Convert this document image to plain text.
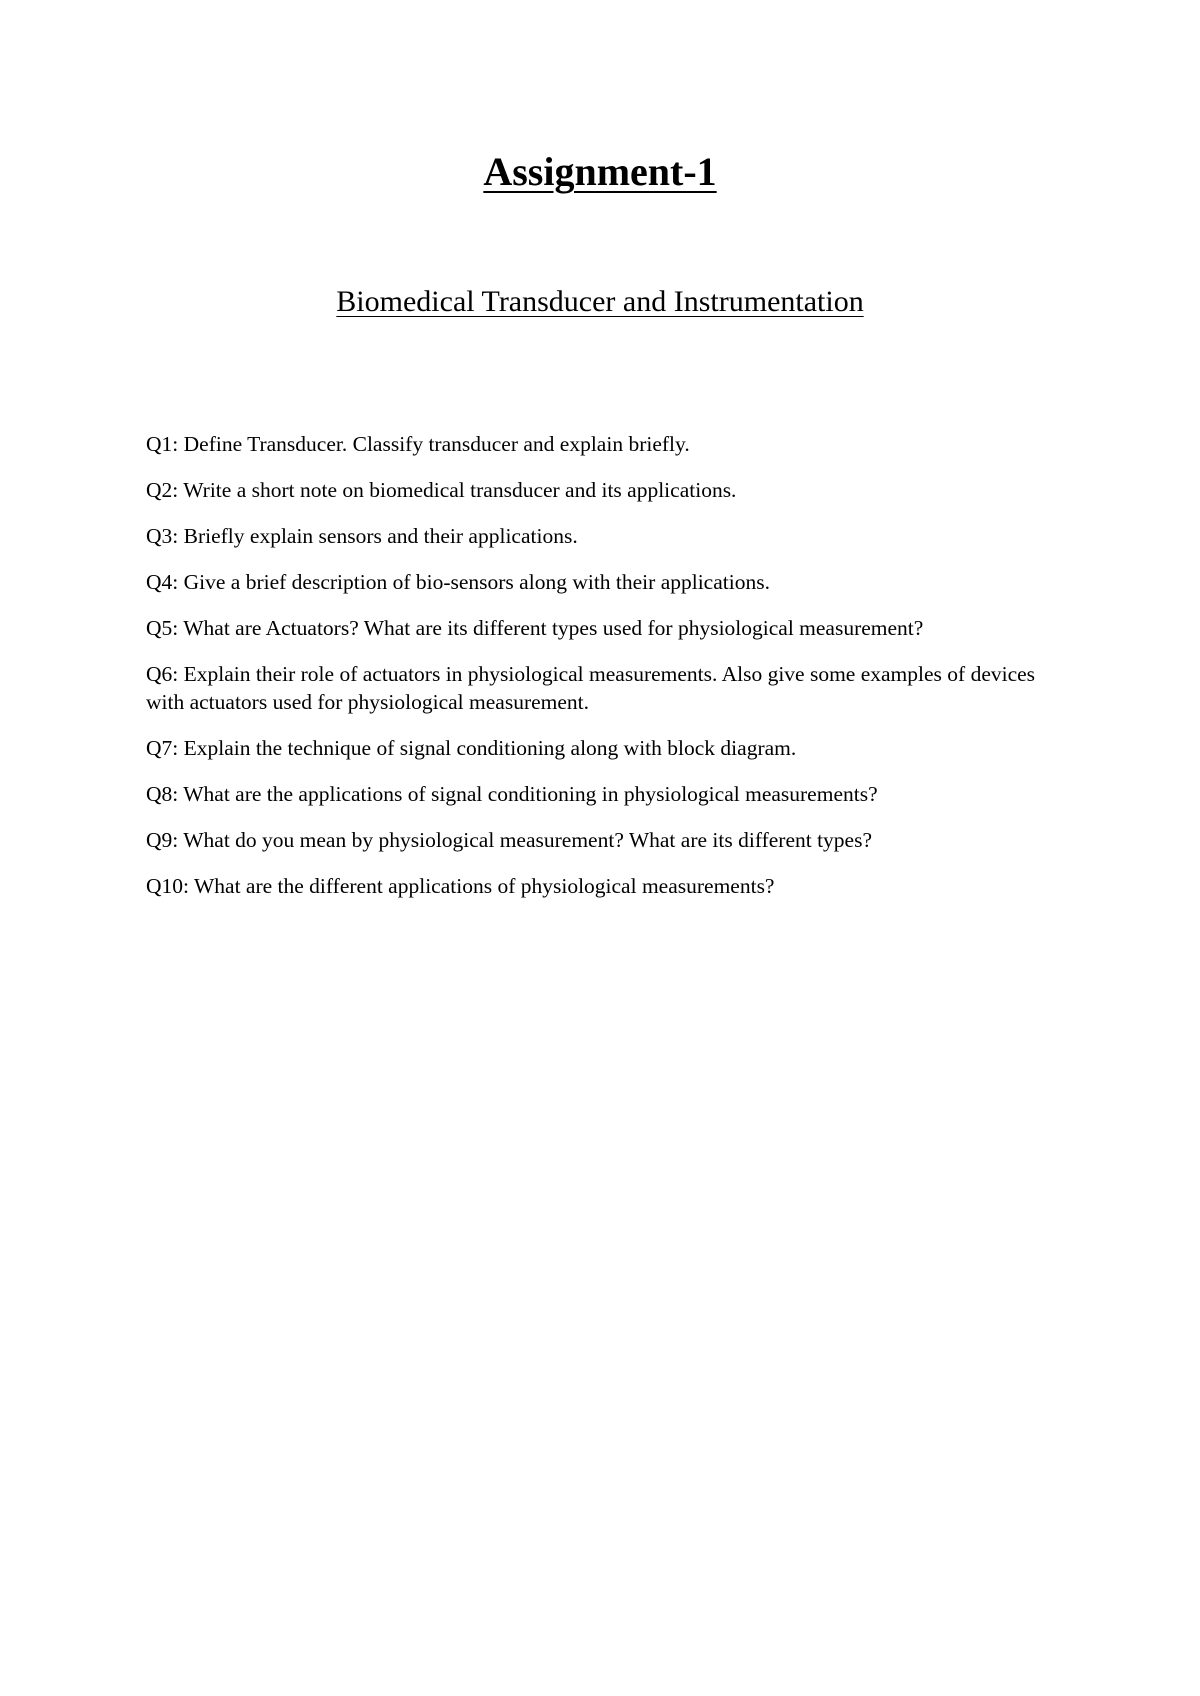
Assignment-1
Biomedical Transducer and Instrumentation
Q1: Define Transducer. Classify transducer and explain briefly.
Q2: Write a short note on biomedical transducer and its applications.
Q3: Briefly explain sensors and their applications.
Q4: Give a brief description of bio-sensors along with their applications.
Q5: What are Actuators? What are its different types used for physiological measurement?
Q6: Explain their role of actuators in physiological measurements. Also give some examples of devices with actuators used for physiological measurement.
Q7: Explain the technique of signal conditioning along with block diagram.
Q8: What are the applications of signal conditioning in physiological measurements?
Q9: What do you mean by physiological measurement? What are its different types?
Q10: What are the different applications of physiological measurements?
